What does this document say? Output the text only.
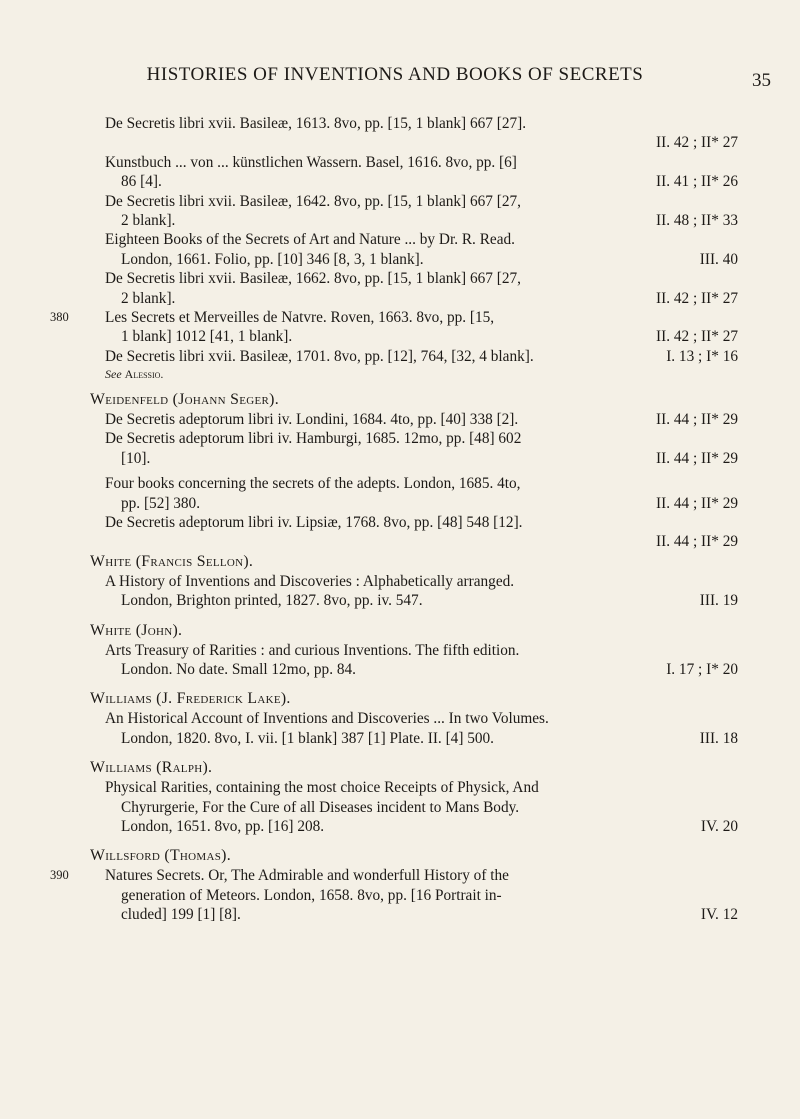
HISTORIES OF INVENTIONS AND BOOKS OF SECRETS	35
De Secretis libri xvii. Basileæ, 1613. 8vo, pp. [15, 1 blank] 667 [27].
II. 42 ; II* 27
Kunstbuch ... von ... künstlichen Wassern. Basel, 1616. 8vo, pp. [6]
86 [4].	II. 41 ; II* 26
De Secretis libri xvii. Basileæ, 1642. 8vo, pp. [15, 1 blank] 667 [27,
2 blank].	II. 48 ; II* 33
Eighteen Books of the Secrets of Art and Nature ... by Dr. R. Read.
London, 1661. Folio, pp. [10] 346 [8, 3, 1 blank].	III. 40
De Secretis libri xvii. Basileæ, 1662. 8vo, pp. [15, 1 blank] 667 [27,
2 blank].	II. 42 ; II* 27
380 Les Secrets et Merveilles de Natvre. Roven, 1663. 8vo, pp. [15,
1 blank] 1012 [41, 1 blank].	II. 42 ; II* 27
De Secretis libri xvii. Basileæ, 1701. 8vo, pp. [12], 764, [32, 4 blank].	I. 13 ; I* 16
See Alessio.
Weidenfeld (Johann Seger).
De Secretis adeptorum libri iv. Londini, 1684. 4to, pp. [40] 338 [2].	II. 44 ; II* 29
De Secretis adeptorum libri iv. Hamburgi, 1685. 12mo, pp. [48] 602
[10].	II. 44 ; II* 29
Four books concerning the secrets of the adepts. London, 1685. 4to,
pp. [52] 380.	II. 44 ; II* 29
De Secretis adeptorum libri iv. Lipsiæ, 1768. 8vo, pp. [48] 548 [12].
II. 44 ; II* 29
White (Francis Sellon).
A History of Inventions and Discoveries : Alphabetically arranged.
London, Brighton printed, 1827. 8vo, pp. iv. 547.	III. 19
White (John).
Arts Treasury of Rarities : and curious Inventions. The fifth edition.
London. No date. Small 12mo, pp. 84.	I. 17 ; I* 20
Williams (J. Frederick Lake).
An Historical Account of Inventions and Discoveries ... In two Volumes.
London, 1820. 8vo, I. vii. [1 blank] 387 [1] Plate. II. [4] 500.	III. 18
Williams (Ralph).
Physical Rarities, containing the most choice Receipts of Physick, And
Chyrurgerie, For the Cure of all Diseases incident to Mans Body.
London, 1651. 8vo, pp. [16] 208.	IV. 20
Willsford (Thomas).
390 Natures Secrets. Or, The Admirable and wonderfull History of the
generation of Meteors. London, 1658. 8vo, pp. [16 Portrait in-
cluded] 199 [1] [8].	IV. 12
